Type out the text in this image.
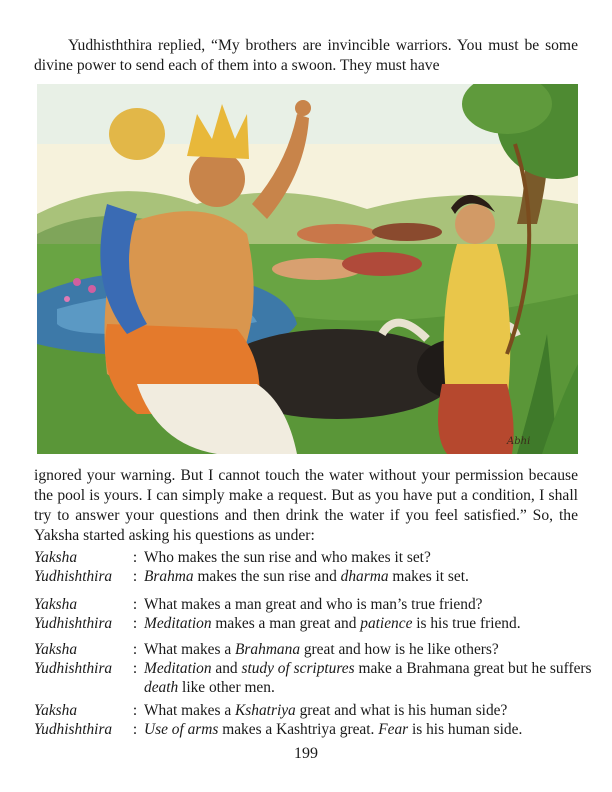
Yudhisththira replied, “My brothers are invincible warriors. You must be some divine power to send each of them into a swoon. They must have

Abhi

ignored your warning. But I cannot touch the water without your permission because the pool is yours. I can simply make a request. But as you have put a condition, I shall try to answer your questions and then drink the water if you feel satisfied.” So, the Yaksha started asking his questions as under:

Yaksha	: Who makes the sun rise and who makes it set?
Yudhishthira	: Brahma makes the sun rise and dharma makes it set.
Yaksha	: What makes a man great and who is man’s true friend?
Yudhishthira	: Meditation makes a man great and patience is his true friend.
Yaksha	: What makes a Brahmana great and how is he like others?
Yudhishthira	: Meditation and study of scriptures make a Brahmana great but he suffers death like other men.
Yaksha	: What makes a Kshatriya great and what is his human side?
Yudhishthira	: Use of arms makes a Kashtriya great. Fear is his human side.
199
